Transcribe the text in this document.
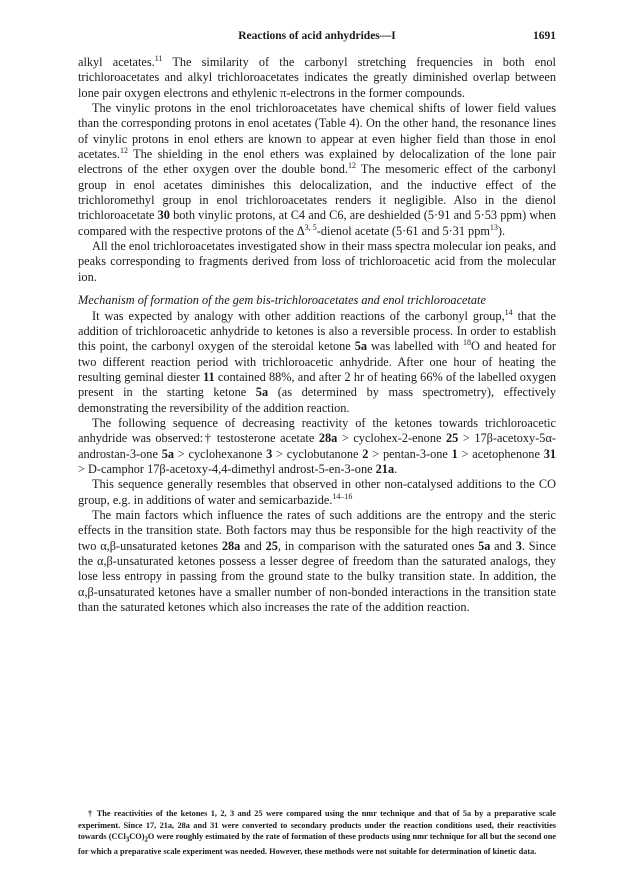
Reactions of acid anhydrides—I	1691

alkyl acetates.$^{11}$ The similarity of the carbonyl stretching frequencies in both enol trichloroacetates and alkyl trichloroacetates indicates the greatly diminished overlap between lone pair oxygen electrons and ethylenic π-electrons in the former compounds.

The vinylic protons in the enol trichloroacetates have chemical shifts of lower field values than the corresponding protons in enol acetates (Table 4). On the other hand, the resonance lines of vinylic protons in enol ethers are known to appear at even higher field than those in enol acetates.$^{12}$ The shielding in the enol ethers was explained by delocalization of the lone pair electrons of the ether oxygen over the double bond.$^{12}$ The mesomeric effect of the carbonyl group in enol acetates diminishes this delocalization, and the inductive effect of the trichloromethyl group in enol trichloroacetates renders it negligible. Also in the dienol trichloroacetate 30 both vinylic protons, at C4 and C6, are deshielded (5·91 and 5·53 ppm) when compared with the respective protons of the Δ$^{3, 5}$-dienol acetate (5·61 and 5·31 ppm$^{13}$).

All the enol trichloroacetates investigated show in their mass spectra molecular ion peaks, and peaks corresponding to fragments derived from loss of trichloroacetic acid from the molecular ion.

Mechanism of formation of the gem bis-trichloroacetates and enol trichloroacetate

It was expected by analogy with other addition reactions of the carbonyl group,$^{14}$ that the addition of trichloroacetic anhydride to ketones is also a reversible process. In order to establish this point, the carbonyl oxygen of the steroidal ketone 5a was labelled with $^{18}$O and heated for two different reaction period with trichloroacetic anhydride. After one hour of heating the resulting geminal diester 11 contained 88%, and after 2 hr of heating 66% of the labelled oxygen present in the starting ketone 5a (as determined by mass spectrometry), effectively demonstrating the reversibility of the addition reaction.

The following sequence of decreasing reactivity of the ketones towards trichloroacetic anhydride was observed:† testosterone acetate 28a > cyclohex-2-enone 25 > 17β-acetoxy-5α-androstan-3-one 5a > cyclohexanone 3 > cyclobutanone 2 > pentan-3-one 1 > acetophenone 31 > D-camphor 17β-acetoxy-4,4-dimethyl androst-5-en-3-one 21a.

This sequence generally resembles that observed in other non-catalysed additions to the CO group, e.g. in additions of water and semicarbazide.$^{14-16}$

The main factors which influence the rates of such additions are the entropy and the steric effects in the transition state. Both factors may thus be responsible for the high reactivity of the two α,β-unsaturated ketones 28a and 25, in comparison with the saturated ones 5a and 3. Since the α,β-unsaturated ketones possess a lesser degree of freedom than the saturated analogs, they lose less entropy in passing from the ground state to the bulky transition state. In addition, the α,β-unsaturated ketones have a smaller number of non-bonded interactions in the transition state than the saturated ketones which also increases the rate of the addition reaction.

† The reactivities of the ketones 1, 2, 3 and 25 were compared using the nmr technique and that of 5a by a preparative scale experiment. Since 17, 21a, 28a and 31 were converted to secondary products under the reaction conditions used, their reactivities towards $(CCl_3CO)_2O$ were roughly estimated by the rate of formation of these products using nmr technique for all but the second one for which a preparative scale experiment was needed. However, these methods were not suitable for determination of kinetic data.
